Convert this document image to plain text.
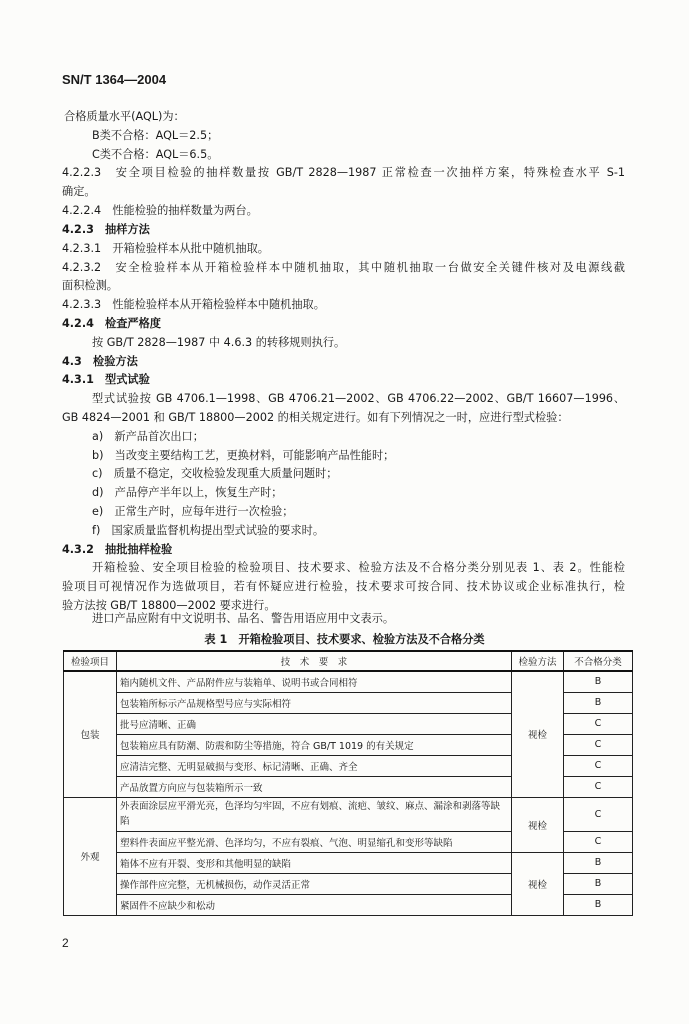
SN/T 1364—2004
合格质量水平(AQL)为：
B类不合格：AQL＝2.5；
C类不合格：AQL＝6.5。
4.2.2.3　安全项目检验的抽样数量按 GB/T 2828—1987 正常检查一次抽样方案，特殊检查水平 S-1
确定。
4.2.2.4　性能检验的抽样数量为两台。
4.2.3　抽样方法
4.2.3.1　开箱检验样本从批中随机抽取。
4.2.3.2　安全检验样本从开箱检验样本中随机抽取，其中随机抽取一台做安全关键件核对及电源线截
面积检测。
4.2.3.3　性能检验样本从开箱检验样本中随机抽取。
4.2.4　检查严格度
按 GB/T 2828—1987 中 4.6.3 的转移规则执行。
4.3　检验方法
4.3.1　型式试验
型式试验按 GB 4706.1—1998、GB 4706.21—2002、GB 4706.22—2002、GB/T 16607—1996、
GB 4824—2001 和 GB/T 18800—2002 的相关规定进行。如有下列情况之一时，应进行型式检验：
a)　新产品首次出口；
b)　当改变主要结构工艺，更换材料，可能影响产品性能时；
c)　质量不稳定，交收检验发现重大质量问题时；
d)　产品停产半年以上，恢复生产时；
e)　正常生产时，应每年进行一次检验；
f)　国家质量监督机构提出型式试验的要求时。
4.3.2　抽批抽样检验
开箱检验、安全项目检验的检验项目、技术要求、检验方法及不合格分类分别见表 1、表 2。性能检
验项目可视情况作为选做项目，若有怀疑应进行检验，技术要求可按合同、技术协议或企业标准执行，检
验方法按 GB/T 18800—2002 要求进行。
进口产品应附有中文说明书、品名、警告用语应用中文表示。
表 1　开箱检验项目、技术要求、检验方法及不合格分类
检验项目	技　术　要　求	检验方法	不合格分类
包装	箱内随机文件、产品附件应与装箱单、说明书或合同相符	视检	B
	包装箱所标示产品规格型号应与实际相符		B
	批号应清晰、正确		C
	包装箱应具有防潮、防震和防尘等措施，符合 GB/T 1019 的有关规定		C
	应清洁完整、无明显破损与变形、标记清晰、正确、齐全		C
	产品放置方向应与包装箱所示一致		C
外观	外表面涂层应平滑光亮，色泽均匀牢固，不应有划痕、流疤、皱纹、麻点、漏涂和剥落等缺陷	视检	C
	塑料件表面应平整光滑、色泽均匀，不应有裂痕、气泡、明显缩孔和变形等缺陷		C
	箱体不应有开裂、变形和其他明显的缺陷	视检	B
	操作部件应完整，无机械损伤，动作灵活正常		B
	紧固件不应缺少和松动		B
2
